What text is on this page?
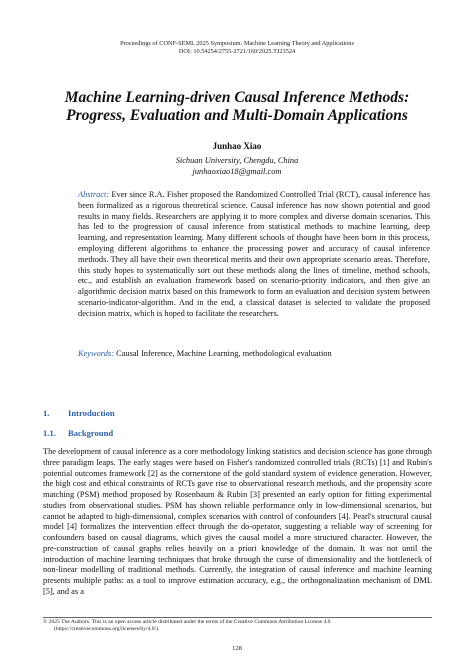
Proceedings of CONF-SEML 2025 Symposium: Machine Learning Theory and Applications
DOI: 10.54254/2755-2721/160/2025.TJ23524
Machine Learning-driven Causal Inference Methods:
Progress, Evaluation and Multi-Domain Applications
Junhao Xiao
Sichuan University, Chengdu, China
junhaoxiao18@gmail.com

Abstract: Ever since R.A. Fisher proposed the Randomized Controlled Trial (RCT), causal inference has been formalized as a rigorous theoretical science. Causal inference has now shown potential and good results in many fields. Researchers are applying it to more complex and diverse domain scenarios. This has led to the progression of causal inference from statistical methods to machine learning, deep learning, and representation learning. Many different schools of thought have been born in this process, employing different algorithms to enhance the processing power and accuracy of causal inference methods. They all have their own theoretical merits and their own appropriate scenario areas. Therefore, this study hopes to systematically sort out these methods along the lines of timeline, method schools, etc., and establish an evaluation framework based on scenario-priority indicators, and then give an algorithmic decision matrix based on this framework to form an evaluation and decision system between scenario-indicator-algorithm. And in the end, a classical dataset is selected to validate the proposed decision matrix, which is hoped to facilitate the researchers.

Keywords: Causal Inference, Machine Learning, methodological evaluation

1. Introduction
1.1. Background

The development of causal inference as a core methodology linking statistics and decision science has gone through three paradigm leaps. The early stages were based on Fisher's randomized controlled trials (RCTs) [1] and Rubin's potential outcomes framework [2] as the cornerstone of the gold standard system of evidence generation. However, the high cost and ethical constraints of RCTs gave rise to observational research methods, and the propensity score matching (PSM) method proposed by Rosenbaum & Rubin [3] presented an early option for fitting experimental studies from observational studies. PSM has shown reliable performance only in low-dimensional scenarios, but cannot be adapted to high-dimensional, complex scenarios with control of confounders [4]. Pearl's structural causal model [4] formalizes the intervention effect through the do-operator, suggesting a reliable way of screening for confounders based on causal diagrams, which gives the causal model a more structured character. However, the pre-construction of causal graphs relies heavily on a priori knowledge of the domain. It was not until the introduction of machine learning techniques that broke through the curse of dimensionality and the bottleneck of non-linear modelling of traditional methods. Currently, the integration of causal inference and machine learning presents multiple paths: as a tool to improve estimation accuracy, e.g., the orthogonalization mechanism of DML [5], and as a

© 2025 The Authors. This is an open access article distributed under the terms of the Creative Commons Attribution License 4.0
(https://creativecommons.org/licenses/by/4.0/).
128
